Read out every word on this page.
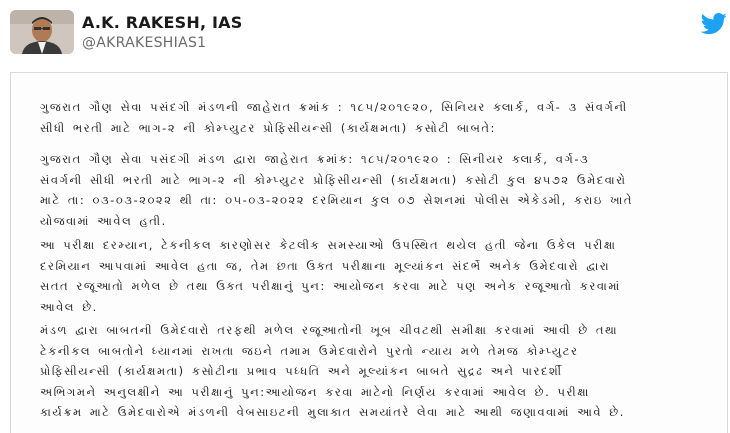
A.K. RAKESH, IAS
@AKRAKESHIAS1
ગુજરાત ગૌણ સેવા પસંદગી મંડળની જાહેરાત ક્રમાંક : ૧૮૫/૨૦૧૯૨૦, સિનિયર ક્લાર્ક, વર્ગ- ૩ સંવર્ગની
સીધી ભરતી માટે ભાગ-૨ ની કોમ્પ્યુટર પ્રોફિસીયન્સી (કાર્યક્ષમતા) કસોટી બાબતે:
ગુજરાત ગૌણ સેવા પસંદગી મંડળ દ્વારા જાહેરાત ક્રમાંક: ૧૮૫/૨૦૧૯૨૦ : સિનીયર ક્લાર્ક, વર્ગ-૩
સંવર્ગની સીધી ભરતી માટે ભાગ-૨ ની કોમ્પ્યુટર પ્રોફિસીયન્સી (કાર્યક્ષમતા) કસોટી કુલ ૪૫૭૨ ઉમેદવારો
માટે તા: ૦૩-૦૩-૨૦૨૨ થી તા: ૦૫-૦૩-૨૦૨૨ દરમિયાન કુલ ૦૭ સેશનમાં પોલીસ એકેડમી, કરાઇ ખાતે
યોજવામાં આવેલ હતી.
આ પરીક્ષા દરમ્યાન, ટેકનીકલ કારણોસર કેટલીક સમસ્યાઓ ઉપસ્થિત થયેલ હતી જેના ઉકેલ પરીક્ષા
દરમિયાન આપવામાં આવેલ હતા જ, તેમ છતા ઉક્ત પરીક્ષાના મૂલ્યાંકન સંદર્ભે અનેક ઉમેદવારો દ્વારા
સતત રજૂઆતો મળેલ છે તથા ઉક્ત પરીક્ષાનું પુન: આયોજન કરવા માટે પણ અનેક રજૂઆતો કરવામાં
આવેલ છે.
મંડળ દ્વારા બાબતની ઉમેદવારો તરફથી મળેલ રજૂઆતોની ખૂબ ચીવટથી સમીક્ષા કરવામાં આવી છે તથા
ટેકનીકલ બાબતોને ધ્યાનમાં રાખતા જઇને તમામ ઉમેદવારોને પુરતો ન્યાય મળે તેમજ કોમ્પ્યુટર
પ્રોફિસીયન્સી (કાર્યક્ષમતા) કસોટીના પ્રભાવ પધ્ધતિ અને મૂલ્યાંકન બાબતે સુદ્રઢ અને પારદર્શી
અભિગમને અનુલક્ષીને આ પરીક્ષાનું પુન:આયોજન કરવા માટેનો નિર્ણય કરવામાં આવેલ છે. પરીક્ષા
કાર્યક્રમ માટે ઉમેદવારોએ મંડળની વેબસાઇટની મુલાકાત સમયાંતરે લેવા માટે આથી જણાવવામાં આવે છે.
